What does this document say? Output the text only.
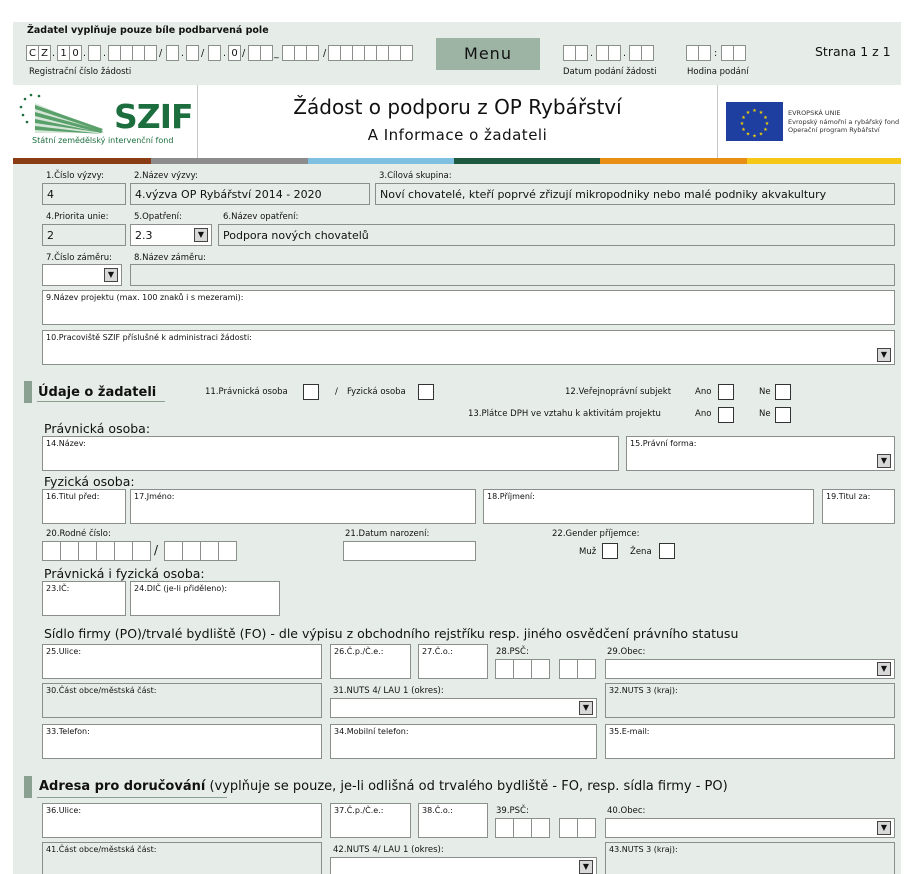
Žadatel vyplňuje pouze bíle podbarvená pole
C Z . 1 0 . .	/ . / . 0 /	_	/
Registrační číslo žádosti
Menu	.	.
Datum podání žádosti
:
Hodina podání
Strana 1 z 1
SZIF
Státní zemědělský intervenční fond
Žádost o podporu z OP Rybářství
A Informace o žadateli
★ ★
★
★
★
★
★
★
★
★
★
★	EVROPSKÁ UNIE
Evropský námořní a rybářský fond
Operační program Rybářství
1.Číslo výzvy:
4
2.Název výzvy:
4.výzva OP Rybářství 2014 - 2020
3.Cílová skupina:
Noví chovatelé, kteří poprvé zřizují mikropodniky nebo malé podniky akvakultury
4.Priorita unie:
2
5.Opatření:
2.3	▼
6.Název opatření:
Podpora nových chovatelů
7.Číslo záměru:
▼
8.Název záměru:
9.Název projektu (max. 100 znaků i s mezerami):
10.Pracoviště SZIF příslušné k administraci žádosti:
▼
Údaje o žadateli	11.Právnická osoba	/ Fyzická osoba	12.Veřejnoprávní subjekt	Ano	Ne
13.Plátce DPH ve vztahu k aktivitám projektu	Ano	Ne
Právnická osoba:
14.Název:	15.Právní forma:
▼
Fyzická osoba:
16.Titul před:	17.Jméno:	18.Příjmení:	19.Titul za:
20.Rodné číslo:
/
21.Datum narození:	22.Gender příjemce:
Muž	Žena
Právnická i fyzická osoba:
23.IČ:	24.DIČ (je-li přiděleno):
Sídlo firmy (PO)/trvalé bydliště (FO) - dle výpisu z obchodního rejstříku resp. jiného osvědčení právního statusu
25.Ulice:	26.Č.p./Č.e.:	27.Č.o.:	28.PSČ:	29.Obec:
▼
30.Část obce/městská část:	31.NUTS 4/ LAU 1 (okres):
▼
32.NUTS 3 (kraj):
33.Telefon:	34.Mobilní telefon:	35.E-mail:
Adresa pro doručování (vyplňuje se pouze, je-li odlišná od trvalého bydliště - FO, resp. sídla firmy - PO)
36.Ulice:	37.Č.p./Č.e.:	38.Č.o.:	39.PSČ:	40.Obec:
▼
41.Část obce/městská část:	42.NUTS 4/ LAU 1 (okres):
▼
43.NUTS 3 (kraj):
